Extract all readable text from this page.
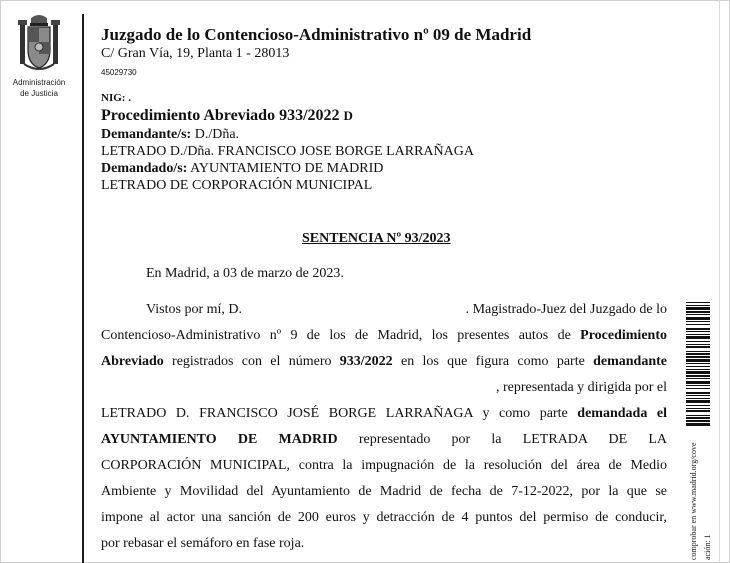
Administración
de Justicia
Juzgado de lo Contencioso-Administrativo nº 09 de Madrid
C/ Gran Vía, 19, Planta 1 - 28013
45029730
NIG: .
Procedimiento Abreviado 933/2022 D
Demandante/s: D./Dña.
LETRADO D./Dña. FRANCISCO JOSE BORGE LARRAÑAGA
Demandado/s: AYUNTAMIENTO DE MADRID
LETRADO DE CORPORACIÓN MUNICIPAL
SENTENCIA Nº 93/2023
En Madrid, a 03 de marzo de 2023.
Vistos por mí, D.	. Magistrado-Juez del Juzgado de lo
Contencioso-Administrativo nº 9 de los de Madrid, los presentes autos de Procedimiento
Abreviado registrados con el número 933/2022 en los que figura como parte demandante
, representada y dirigida por el
LETRADO D. FRANCISCO JOSÉ BORGE LARRAÑAGA y como parte demandada el
AYUNTAMIENTO DE MADRID representado por la LETRADA DE LA
CORPORACIÓN MUNICIPAL, contra la impugnación de la resolución del área de Medio
Ambiente y Movilidad del Ayuntamiento de Madrid de fecha de 7-12-2022, por la que se
impone al actor una sanción de 200 euros y detracción de 4 puntos del permiso de conducir,
por rebasar el semáforo en fase roja.	comprobar en www.madrid.org/cove ación: 1
